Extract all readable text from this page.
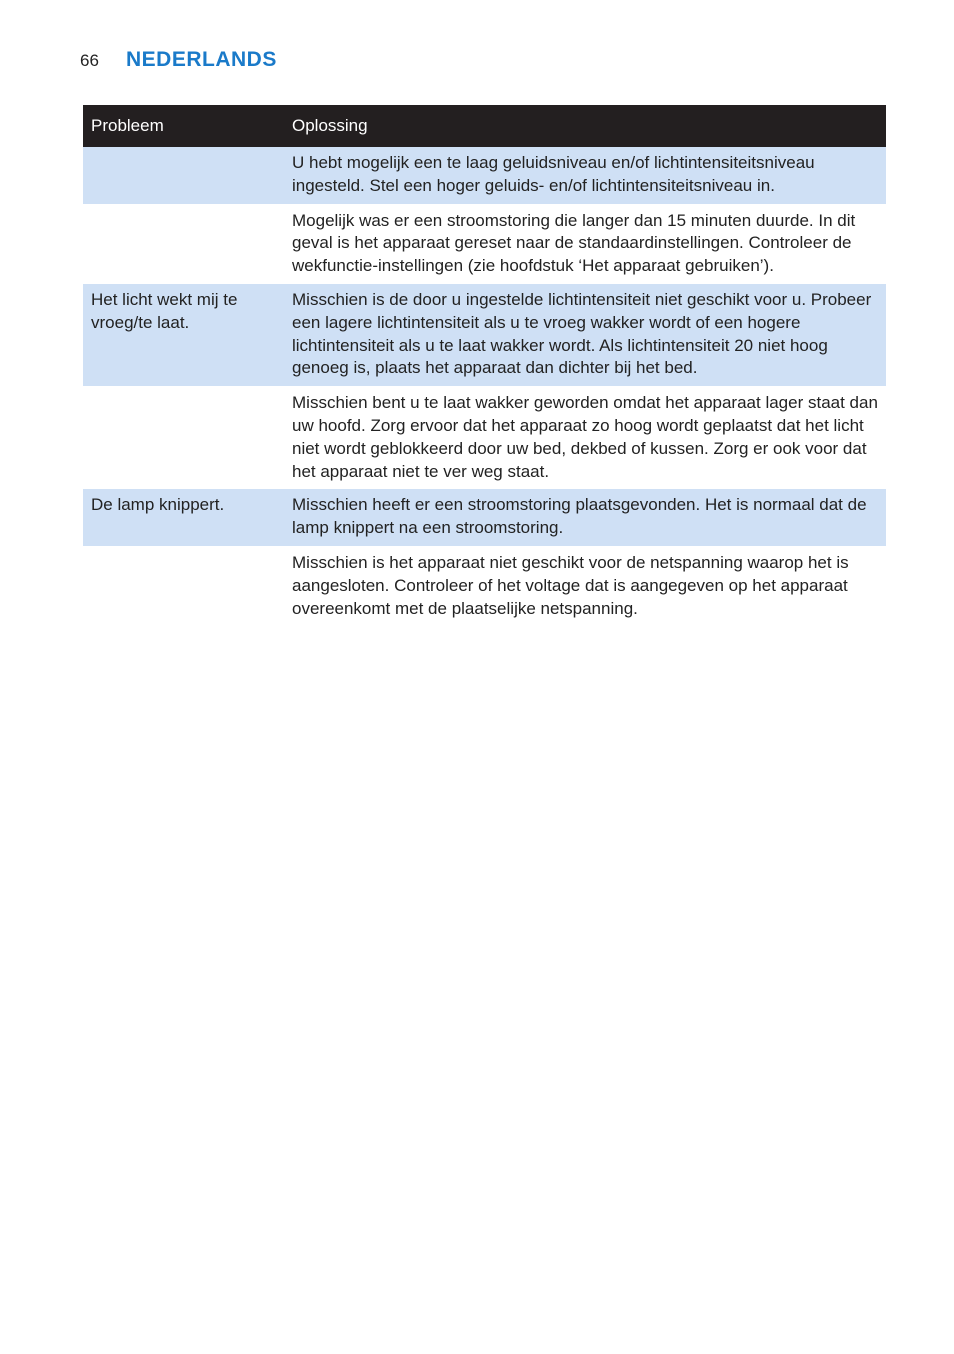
66	NEDERLANDS
Probleem	Oplossing
	U hebt mogelijk een te laag geluidsniveau en/of lichtintensiteitsniveau ingesteld. Stel een hoger geluids- en/of lichtintensiteitsniveau in.
	Mogelijk was er een stroomstoring die langer dan 15 minuten duurde. In dit geval is het apparaat gereset naar de standaardinstellingen. Controleer de wekfunctie-instellingen (zie hoofdstuk ‘Het apparaat gebruiken’).
Het licht wekt mij te vroeg/te laat.	Misschien is de door u ingestelde lichtintensiteit niet geschikt voor u. Probeer een lagere lichtintensiteit als u te vroeg wakker wordt of een hogere lichtintensiteit als u te laat wakker wordt. Als lichtintensiteit 20 niet hoog genoeg is, plaats het apparaat dan dichter bij het bed.
	Misschien bent u te laat wakker geworden omdat het apparaat lager staat dan uw hoofd. Zorg ervoor dat het apparaat zo hoog wordt geplaatst dat het licht niet wordt geblokkeerd door uw bed, dekbed of kussen. Zorg er ook voor dat het apparaat niet te ver weg staat.
De lamp knippert.	Misschien heeft er een stroomstoring plaatsgevonden. Het is normaal dat de lamp knippert na een stroomstoring.
	Misschien is het apparaat niet geschikt voor de netspanning waarop het is aangesloten. Controleer of het voltage dat is aangegeven op het apparaat overeenkomt met de plaatselijke netspanning.
